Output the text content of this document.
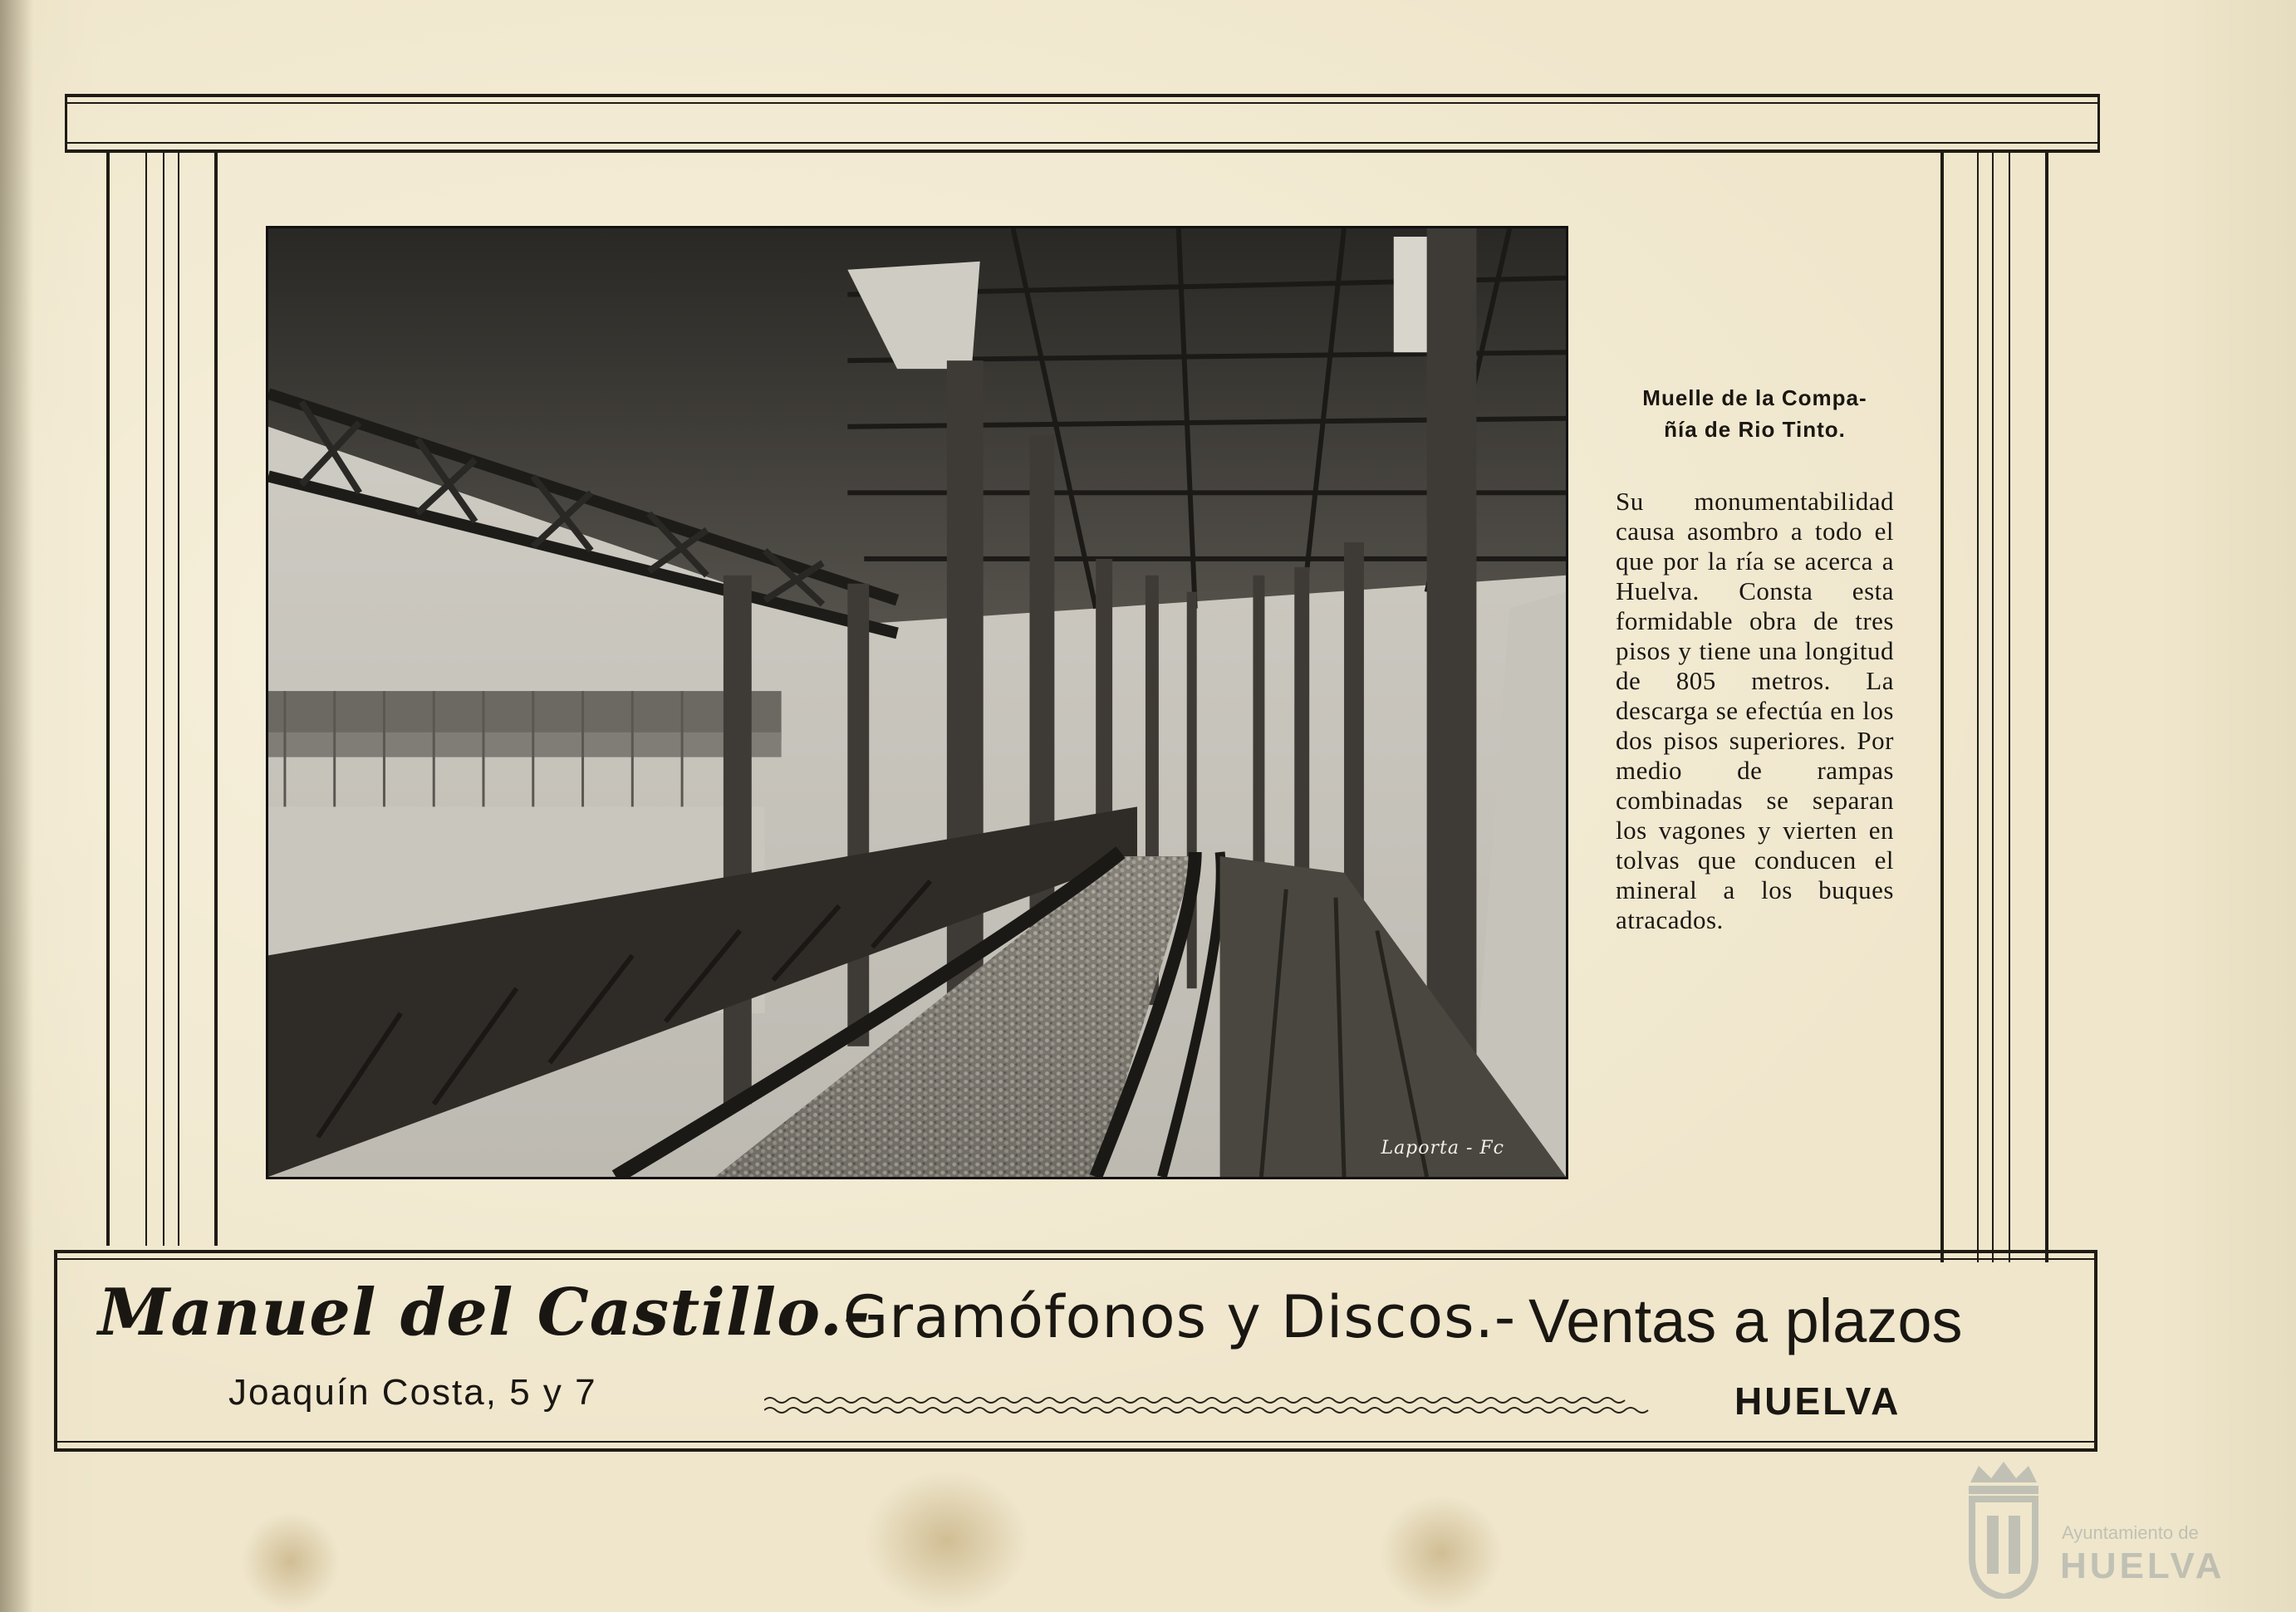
Laporta - Fc

Muelle de la Compa-
ñía de Rio Tinto.

Su monumentabilidad causa asombro a todo el que por la ría se acerca a Huelva. Consta esta formidable obra de tres pisos y tiene una longitud de 805 metros. La descarga se efectúa en los dos pisos superiores. Por medio de rampas combinadas se separan los vagones y vierten en tolvas que conducen el mineral a los buques atracados.

Manuel del Castillo.-
Gramófonos y Discos.- Ventas a plazos
Joaquín Costa, 5 y 7	HUELVA
Ayuntamiento de
HUELVA
